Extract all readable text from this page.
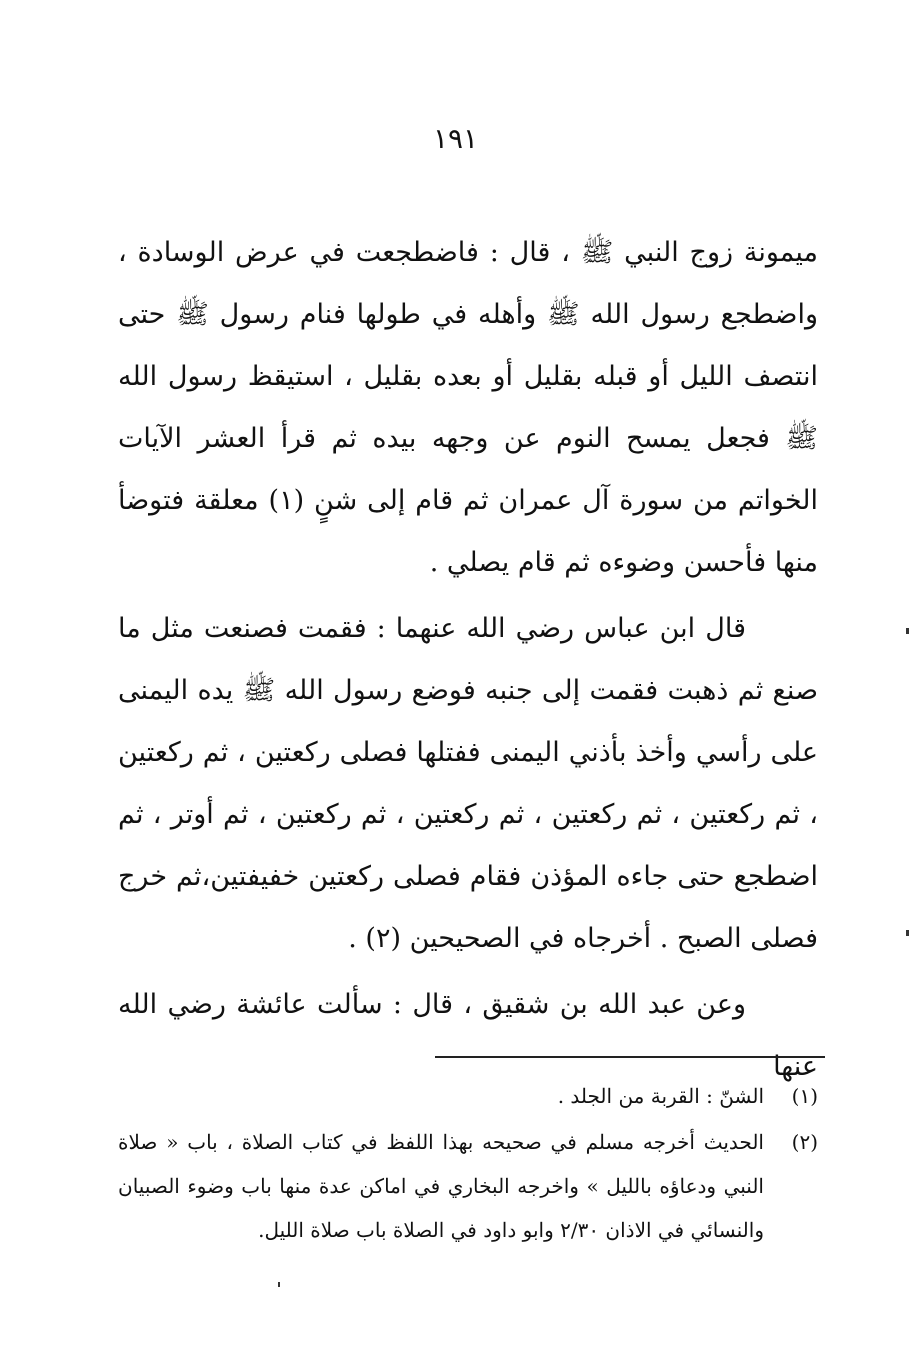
١٩١

ميمونة زوج النبي ﷺ ، قال : فاضطجعت في عرض الوسادة ، واضطجع رسول الله ﷺ وأهله في طولها فنام رسول ﷺ حتى انتصف الليل أو قبله بقليل أو بعده بقليل ، استيقظ رسول الله ﷺ فجعل يمسح النوم عن وجهه بيده ثم قرأ العشر الآيات الخواتم من سورة آل عمران ثم قام إلى شنٍ (١) معلقة فتوضأ منها فأحسن وضوءه ثم قام يصلي .

قال ابن عباس رضي الله عنهما : فقمت فصنعت مثل ما صنع ثم ذهبت فقمت إلى جنبه فوضع رسول الله ﷺ يده اليمنى على رأسي وأخذ بأذني اليمنى ففتلها فصلى ركعتين ، ثم ركعتين ، ثم ركعتين ، ثم ركعتين ، ثم ركعتين ، ثم ركعتين ، ثم أوتر ، ثم اضطجع حتى جاءه المؤذن فقام فصلى ركعتين خفيفتين،ثم خرج فصلى الصبح . أخرجاه في الصحيحين (٢) .

وعن عبد الله بن شقيق ، قال : سألت عائشة رضي الله عنها

(١)
الشنّ : القربة من الجلد .
(٢)
الحديث أخرجه مسلم في صحيحه بهذا اللفظ في كتاب الصلاة ، باب « صلاة النبي ودعاؤه بالليل » واخرجه البخاري في اماكن عدة منها باب وضوء الصبيان والنسائي في الاذان ٢/٣٠ وابو داود في الصلاة باب صلاة الليل.
